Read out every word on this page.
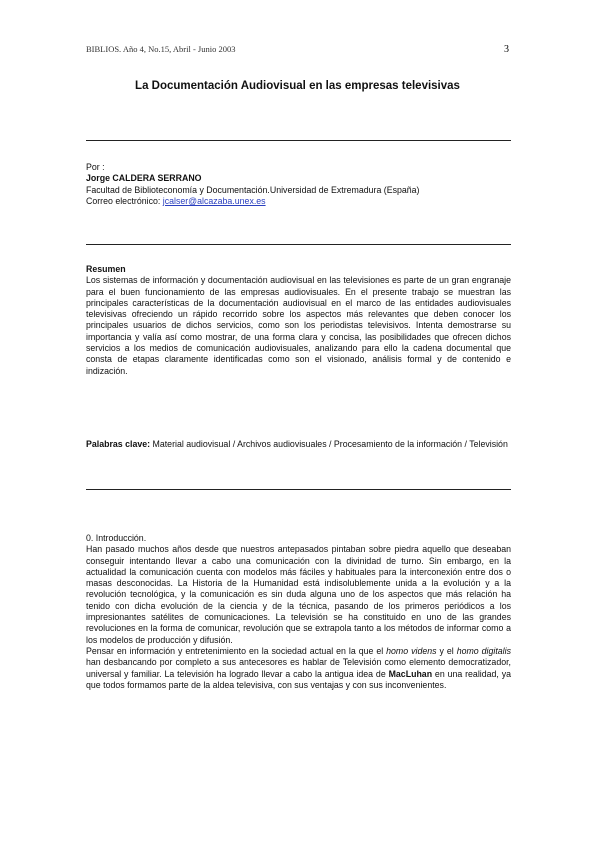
BIBLIOS. Año 4, No.15, Abril - Junio 2003	3
La Documentación Audiovisual en las empresas televisivas

Por :

Jorge CALDERA SERRANO

Facultad de Biblioteconomía y Documentación.Universidad de Extremadura (España)

Correo electrónico: jcalser@alcazaba.unex.es

Resumen

Los sistemas de información y documentación audiovisual en las televisiones es parte de un gran engranaje para el buen funcionamiento de las empresas audiovisuales. En el presente trabajo se muestran las principales características de la documentación audiovisual en el marco de las entidades audiovisuales televisivas ofreciendo un rápido recorrido sobre los aspectos más relevantes que deben conocer los principales usuarios de dichos servicios, como son los periodistas televisivos. Intenta demostrarse su importancia y valía así como mostrar, de una forma clara y concisa, las posibilidades que ofrecen dichos servicios a los medios de comunicación audiovisuales, analizando para ello la cadena documental que consta de etapas claramente identificadas como son el visionado, análisis formal y de contenido e indización.

Palabras clave: Material audiovisual / Archivos audiovisuales / Procesamiento de la información / Televisión

0. Introducción.

Han pasado muchos años desde que nuestros antepasados pintaban sobre piedra aquello que deseaban conseguir intentando llevar a cabo una comunicación con la divinidad de turno. Sin embargo, en la actualidad la comunicación cuenta con modelos más fáciles y habituales para la interconexión entre dos o masas desconocidas. La Historia de la Humanidad está indisolublemente unida a la evolución y a la revolución tecnológica, y la comunicación es sin duda alguna uno de los aspectos que más relación ha tenido con dicha evolución de la ciencia y de la técnica, pasando de los primeros periódicos a los impresionantes satélites de comunicaciones. La televisión se ha constituido en uno de las grandes revoluciones en la forma de comunicar, revolución que se extrapola tanto a los métodos de informar como a los modelos de producción y difusión.

Pensar en información y entretenimiento en la sociedad actual en la que el homo videns y el homo digitalis han desbancando por completo a sus antecesores es hablar de Televisión como elemento democratizador, universal y familiar. La televisión ha logrado llevar a cabo la antigua idea de MacLuhan en una realidad, ya que todos formamos parte de la aldea televisiva, con sus ventajas y con sus inconvenientes.
